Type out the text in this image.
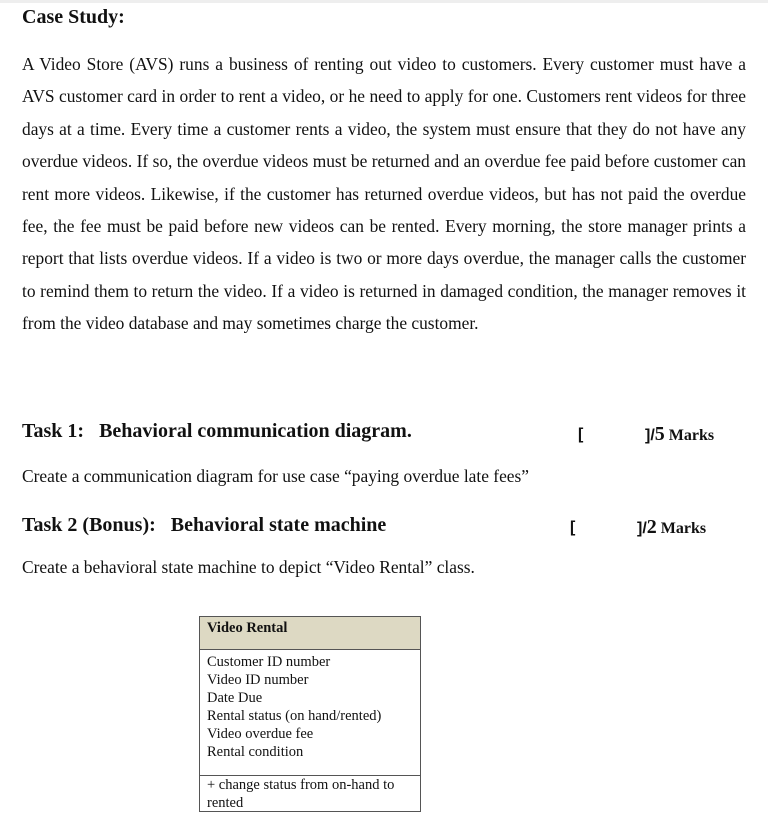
Case Study:

A Video Store (AVS) runs a business of renting out video to customers. Every customer must have a AVS customer card in order to rent a video, or he need to apply for one. Customers rent videos for three days at a time. Every time a customer rents a video, the system must ensure that they do not have any overdue videos. If so, the overdue videos must be returned and an overdue fee paid before customer can rent more videos. Likewise, if the customer has returned overdue videos, but has not paid the overdue fee, the fee must be paid before new videos can be rented. Every morning, the store manager prints a report that lists overdue videos. If a video is two or more days overdue, the manager calls the customer to remind them to return the video. If a video is returned in damaged condition, the manager removes it from the video database and may sometimes charge the customer.

Task 1: Behavioral communication diagram.	[	]/5 Marks

Create a communication diagram for use case “paying overdue late fees”

Task 2 (Bonus): Behavioral state machine	[	]/2 Marks

Create a behavioral state machine to depict “Video Rental” class.

Video Rental
Customer ID number
Video ID number
Date Due
Rental status (on hand/rented)
Video overdue fee
Rental condition
+ change status from on-hand to
rented
